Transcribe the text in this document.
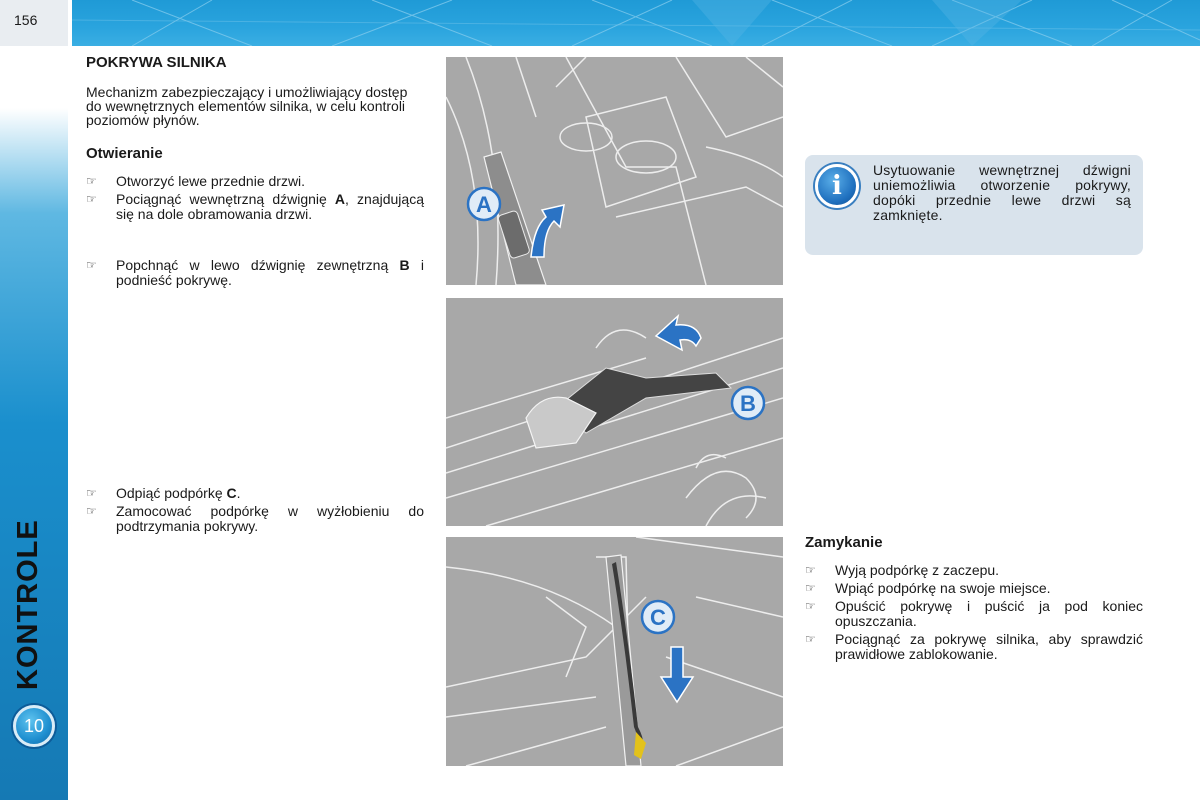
156
KONTROLE
10
POKRYWA SILNIKA

Mechanizm zabezpieczający i umożliwiający dostęp do wewnętrznych elementów silnika, w celu kontroli poziomów płynów.

Otwieranie
☞ Otworzyć lewe przednie drzwi.
☞ Pociągnąć wewnętrzną dźwignię A, znajdującą się na dole obramowania drzwi.
☞ Popchnąć w lewo dźwignię zewnętrzną B i podnieść pokrywę.
☞ Odpiąć podpórkę C.
☞ Zamocować podpórkę w wyżłobieniu do podtrzymania pokrywy.
A
B
C
i

Usytuowanie wewnętrznej dźwigni uniemożliwia otworzenie pokrywy, dopóki przednie lewe drzwi są zamknięte.

Zamykanie
☞ Wyją podpórkę z zaczepu.
☞ Wpiąć podpórkę na swoje miejsce.
☞ Opuścić pokrywę i puścić ja pod koniec opuszczania.
☞ Pociągnąć za pokrywę silnika, aby sprawdzić prawidłowe zablokowanie.
